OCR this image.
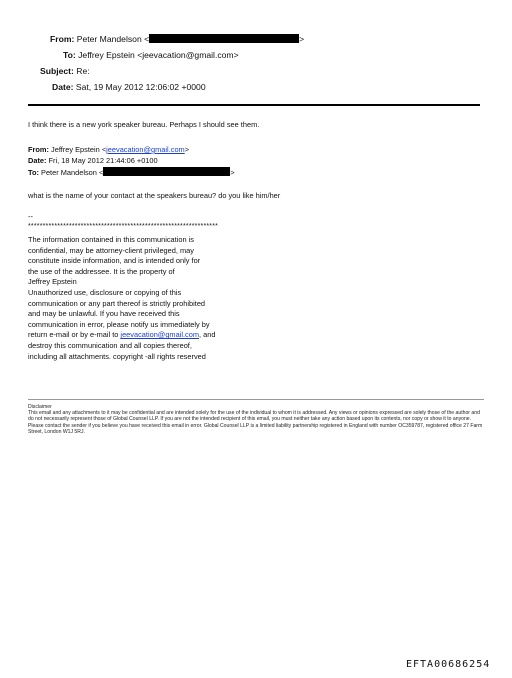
From: Peter Mandelson <	>
To: Jeffrey Epstein <jeevacation@gmail.com>
Subject: Re:
Date: Sat, 19 May 2012 12:06:02 +0000
I think there is a new york speaker bureau. Perhaps I should see them.
From: Jeffrey Epstein <jeevacation@gmail.com>
Date: Fri, 18 May 2012 21:44:06 +0100
To: Peter Mandelson <	>
what is the name of your contact at the speakers bureau? do you like him/her
--
*****************************************************************
The information contained in this communication is
confidential, may be attorney-client privileged, may
constitute inside information, and is intended only for
the use of the addressee. It is the property of
Jeffrey Epstein
Unauthorized use, disclosure or copying of this
communication or any part thereof is strictly prohibited
and may be unlawful. If you have received this
communication in error, please notify us immediately by
return e-mail or by e-mail to jeevacation@gmail.com, and
destroy this communication and all copies thereof,
including all attachments. copyright -all rights reserved
Disclaimer
This email and any attachments to it may be confidential and are intended solely for the use of the individual to whom it is addressed. Any views or opinions expressed are solely those of the author and do not necessarily represent those of Global Counsel LLP. If you are not the intended recipient of this email, you must neither take any action based upon its contents, nor copy or show it to anyone. Please contact the sender if you believe you have received this email in error. Global Counsel LLP is a limited liability partnership registered in England with number OC359787, registered office 27 Farm Street, London W1J 5RJ.
EFTA00686254
